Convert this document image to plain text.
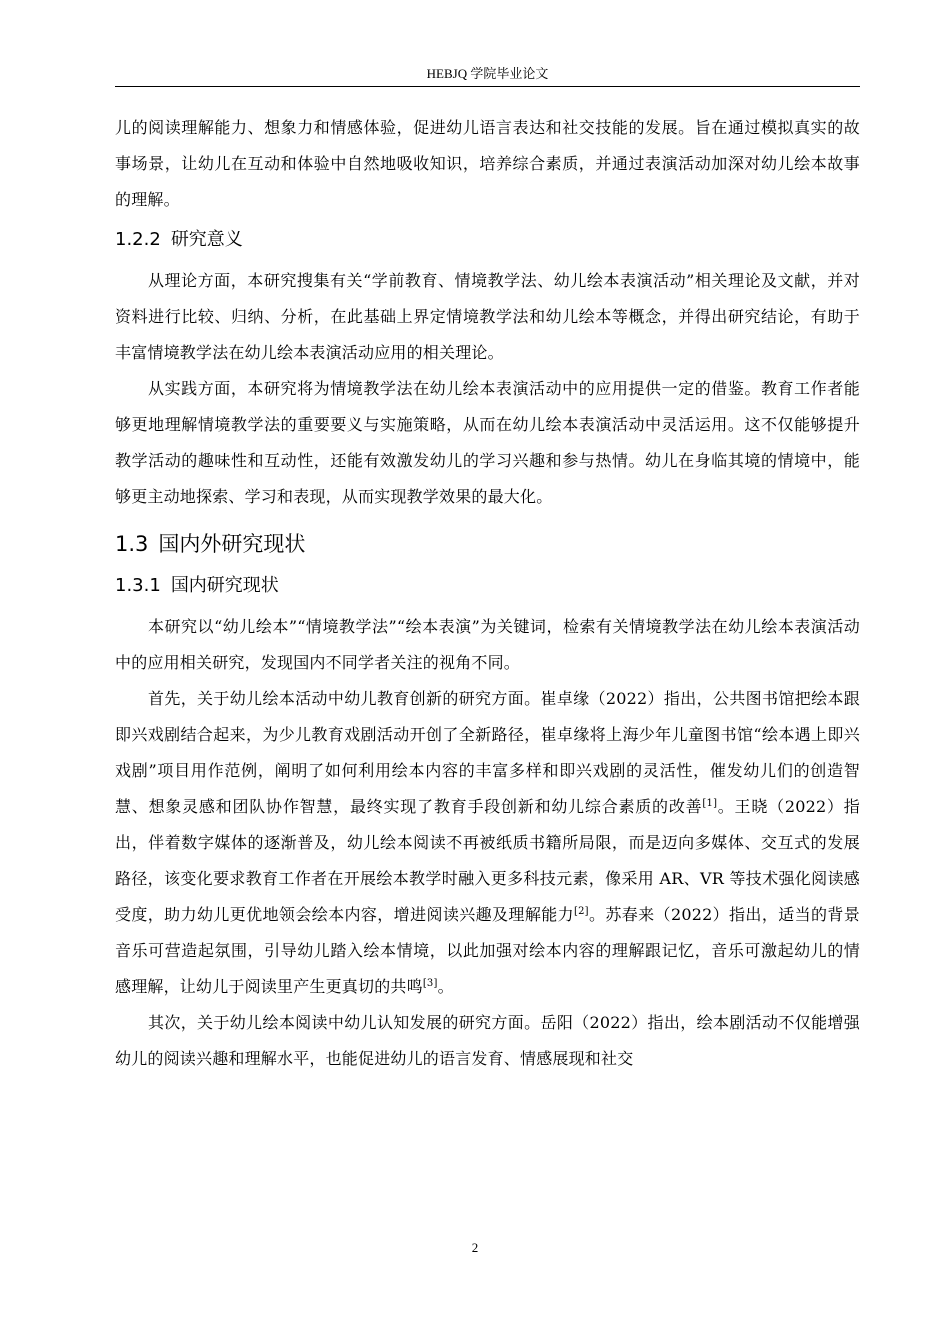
HEBJQ 学院毕业论文

儿的阅读理解能力、想象力和情感体验，促进幼儿语言表达和社交技能的发展。旨在通过模拟真实的故事场景，让幼儿在互动和体验中自然地吸收知识，培养综合素质，并通过表演活动加深对幼儿绘本故事的理解。

1.2.2 研究意义

从理论方面，本研究搜集有关“学前教育、情境教学法、幼儿绘本表演活动”相关理论及文献，并对资料进行比较、归纳、分析，在此基础上界定情境教学法和幼儿绘本等概念，并得出研究结论，有助于丰富情境教学法在幼儿绘本表演活动应用的相关理论。

从实践方面，本研究将为情境教学法在幼儿绘本表演活动中的应用提供一定的借鉴。教育工作者能够更地理解情境教学法的重要要义与实施策略，从而在幼儿绘本表演活动中灵活运用。这不仅能够提升教学活动的趣味性和互动性，还能有效激发幼儿的学习兴趣和参与热情。幼儿在身临其境的情境中，能够更主动地探索、学习和表现，从而实现教学效果的最大化。

1.3 国内外研究现状
1.3.1 国内研究现状

本研究以“幼儿绘本”“情境教学法”“绘本表演”为关键词，检索有关情境教学法在幼儿绘本表演活动中的应用相关研究，发现国内不同学者关注的视角不同。

首先，关于幼儿绘本活动中幼儿教育创新的研究方面。崔卓缘（2022）指出，公共图书馆把绘本跟即兴戏剧结合起来，为少儿教育戏剧活动开创了全新路径，崔卓缘将上海少年儿童图书馆“绘本遇上即兴戏剧”项目用作范例，阐明了如何利用绘本内容的丰富多样和即兴戏剧的灵活性，催发幼儿们的创造智慧、想象灵感和团队协作智慧，最终实现了教育手段创新和幼儿综合素质的改善[1]。王晓（2022）指出，伴着数字媒体的逐渐普及，幼儿绘本阅读不再被纸质书籍所局限，而是迈向多媒体、交互式的发展路径，该变化要求教育工作者在开展绘本教学时融入更多科技元素，像采用 AR、VR 等技术强化阅读感受度，助力幼儿更优地领会绘本内容，增进阅读兴趣及理解能力[2]。苏春来（2022）指出，适当的背景音乐可营造起氛围，引导幼儿踏入绘本情境，以此加强对绘本内容的理解跟记忆，音乐可激起幼儿的情感理解，让幼儿于阅读里产生更真切的共鸣[3]。

其次，关于幼儿绘本阅读中幼儿认知发展的研究方面。岳阳（2022）指出，绘本剧活动不仅能增强幼儿的阅读兴趣和理解水平，也能促进幼儿的语言发育、情感展现和社交

2
